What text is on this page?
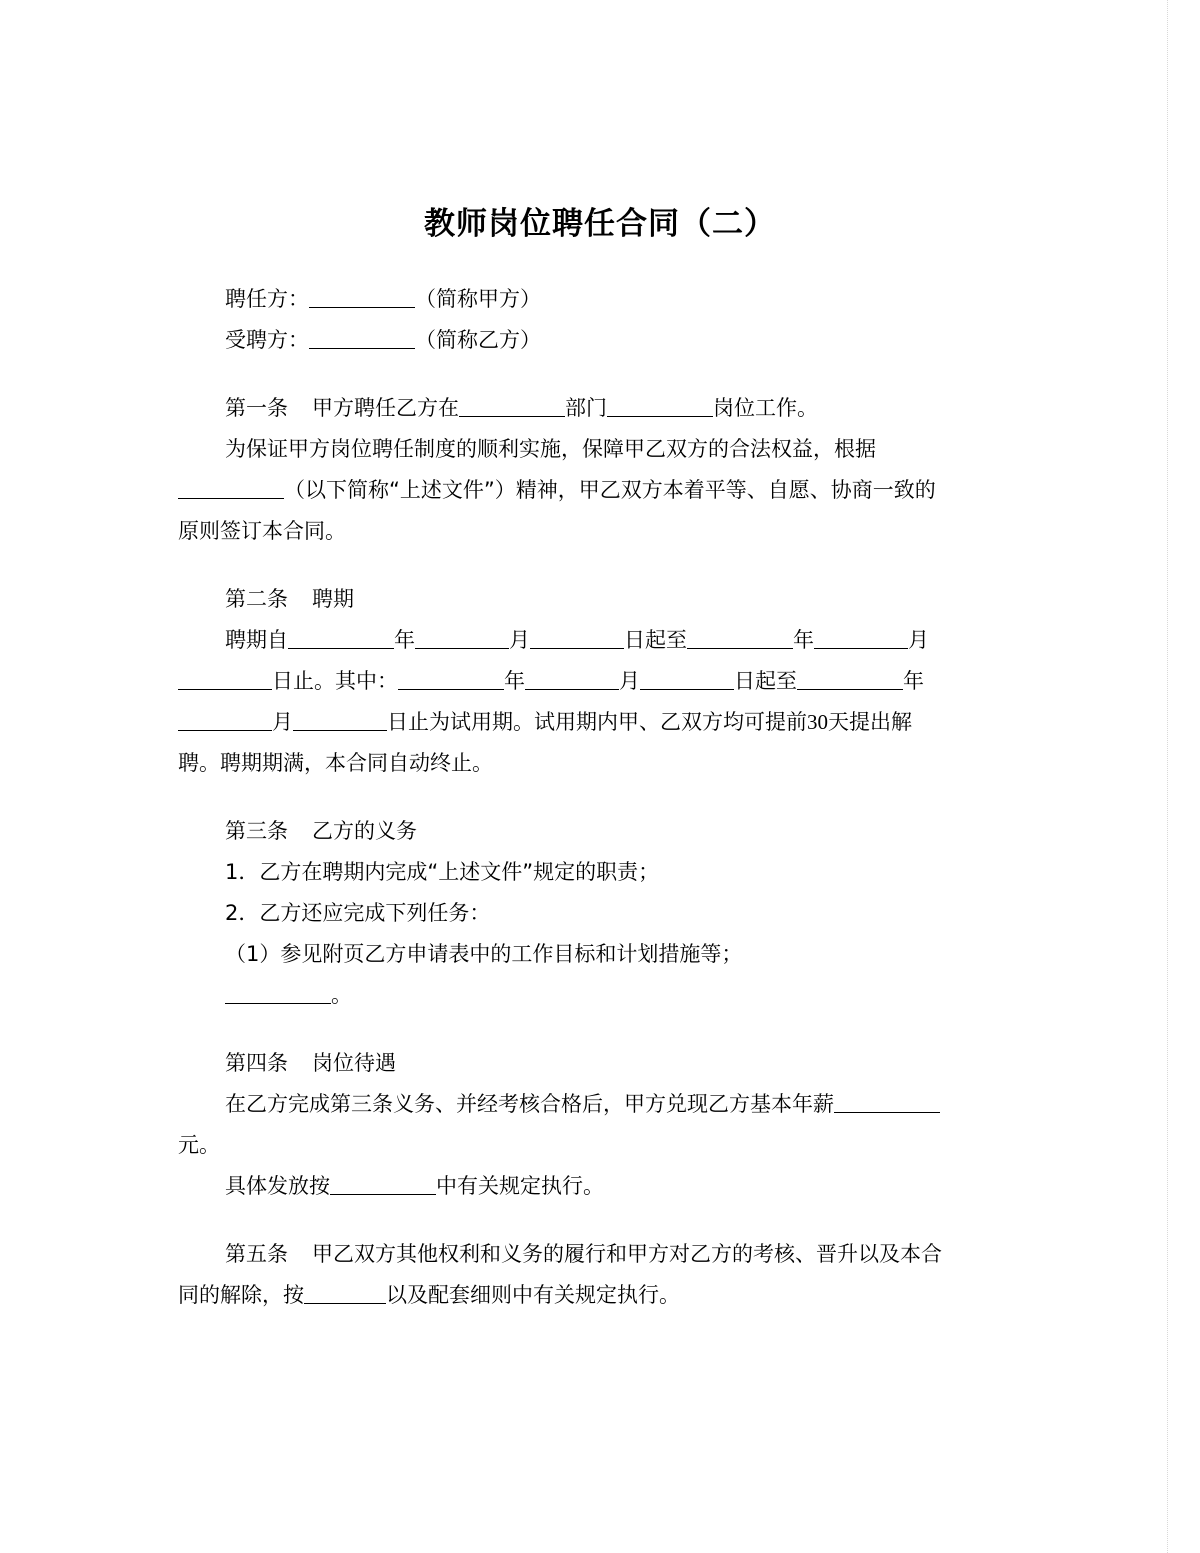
教师岗位聘任合同（二）
聘任方：	（简称甲方）
受聘方：	（简称乙方）
第一条 甲方聘任乙方在	部门	岗位工作。
为保证甲方岗位聘任制度的顺利实施，保障甲乙双方的合法权益，根据
（以下简称“上述文件”）精神，甲乙双方本着平等、自愿、协商一致的
原则签订本合同。
第二条 聘期
聘期自	年	月	日起至	年	月
日止。其中：	年	月	日起至	年
月	日止为试用期。试用期内甲、乙双方均可提前30天提出解
聘。聘期期满，本合同自动终止。
第三条 乙方的义务
1．乙方在聘期内完成“上述文件”规定的职责；
2．乙方还应完成下列任务：
（1）参见附页乙方申请表中的工作目标和计划措施等；
。
第四条 岗位待遇
在乙方完成第三条义务、并经考核合格后，甲方兑现乙方基本年薪
元。
具体发放按	中有关规定执行。
第五条 甲乙双方其他权利和义务的履行和甲方对乙方的考核、晋升以及本合
同的解除，按	以及配套细则中有关规定执行。
